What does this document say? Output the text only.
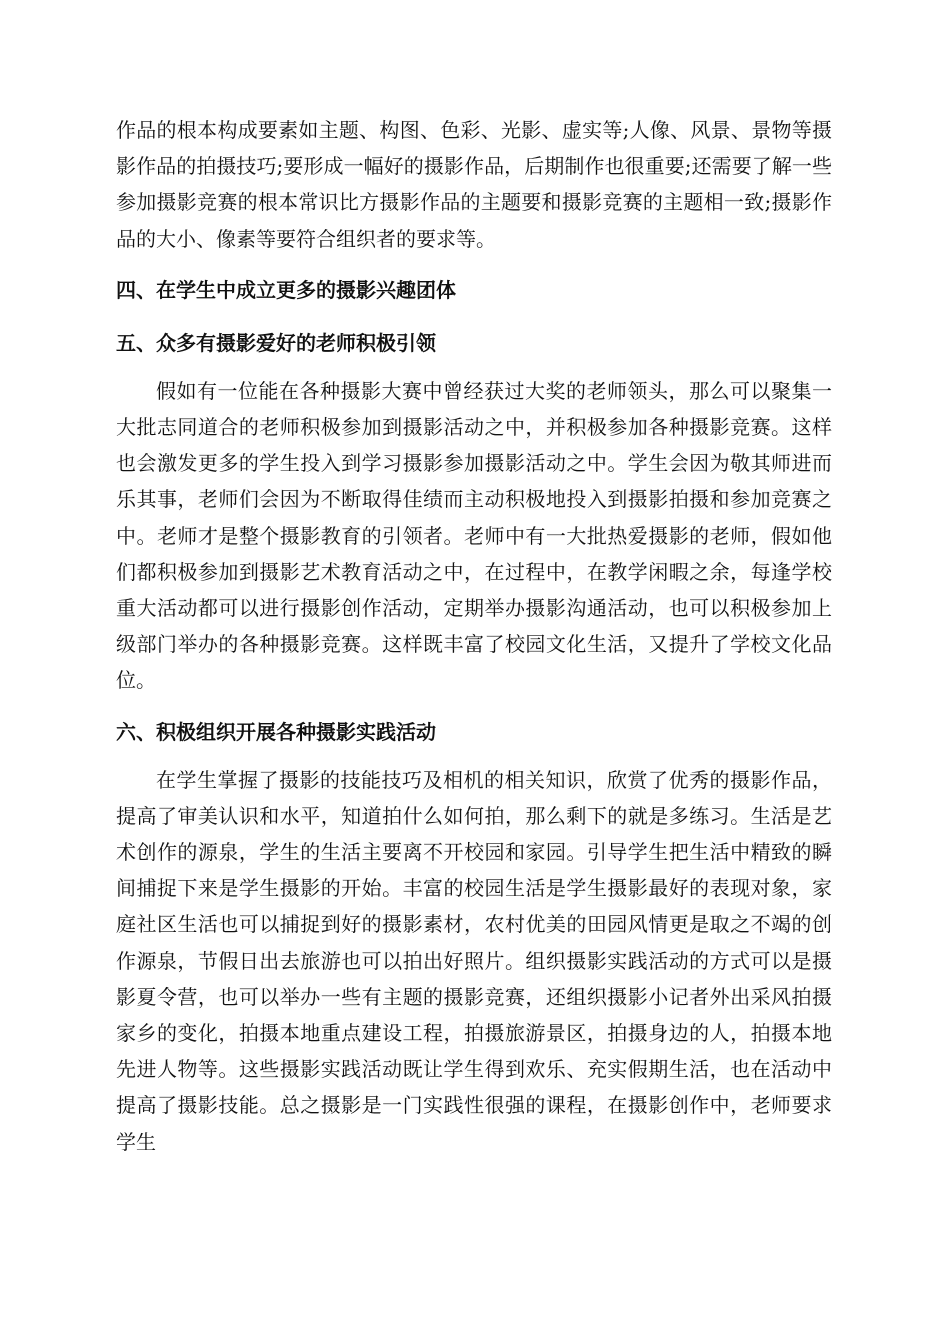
作品的根本构成要素如主题、构图、色彩、光影、虚实等;人像、风景、景物等摄影作品的拍摄技巧;要形成一幅好的摄影作品，后期制作也很重要;还需要了解一些参加摄影竞赛的根本常识比方摄影作品的主题要和摄影竞赛的主题相一致;摄影作品的大小、像素等要符合组织者的要求等。

四、在学生中成立更多的摄影兴趣团体
五、众多有摄影爱好的老师积极引领

假如有一位能在各种摄影大赛中曾经获过大奖的老师领头，那么可以聚集一大批志同道合的老师积极参加到摄影活动之中，并积极参加各种摄影竞赛。这样也会激发更多的学生投入到学习摄影参加摄影活动之中。学生会因为敬其师进而乐其事，老师们会因为不断取得佳绩而主动积极地投入到摄影拍摄和参加竞赛之中。老师才是整个摄影教育的引领者。老师中有一大批热爱摄影的老师，假如他们都积极参加到摄影艺术教育活动之中，在过程中，在教学闲暇之余，每逢学校重大活动都可以进行摄影创作活动，定期举办摄影沟通活动，也可以积极参加上级部门举办的各种摄影竞赛。这样既丰富了校园文化生活，又提升了学校文化品位。

六、积极组织开展各种摄影实践活动

在学生掌握了摄影的技能技巧及相机的相关知识，欣赏了优秀的摄影作品，提高了审美认识和水平，知道拍什么如何拍，那么剩下的就是多练习。生活是艺术创作的源泉，学生的生活主要离不开校园和家园。引导学生把生活中精致的瞬间捕捉下来是学生摄影的开始。丰富的校园生活是学生摄影最好的表现对象，家庭社区生活也可以捕捉到好的摄影素材，农村优美的田园风情更是取之不竭的创作源泉，节假日出去旅游也可以拍出好照片。组织摄影实践活动的方式可以是摄影夏令营，也可以举办一些有主题的摄影竞赛，还组织摄影小记者外出采风拍摄家乡的变化，拍摄本地重点建设工程，拍摄旅游景区，拍摄身边的人，拍摄本地先进人物等。这些摄影实践活动既让学生得到欢乐、充实假期生活，也在活动中提高了摄影技能。总之摄影是一门实践性很强的课程，在摄影创作中，老师要求学生
